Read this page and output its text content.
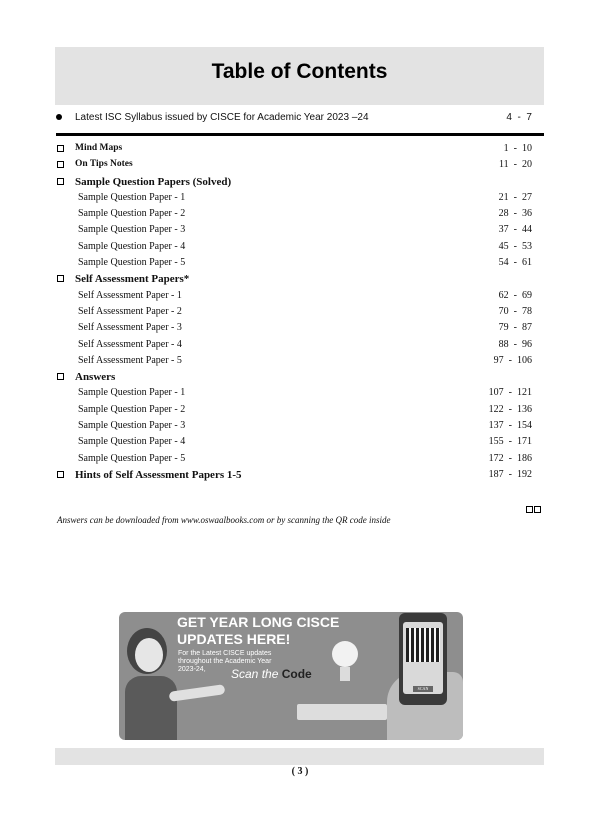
Table of Contents
Latest ISC Syllabus issued by CISCE for Academic Year 2023 –24	4  -  7
Mind Maps	1  -  10
On Tips Notes	11  -  20
Sample Question Papers (Solved)
Sample Question Paper - 1	21  -  27
Sample Question Paper - 2	28  -  36
Sample Question Paper - 3	37  -  44
Sample Question Paper - 4	45  -  53
Sample Question Paper - 5	54  -  61
Self Assessment Papers*
Self Assessment Paper - 1	62  -  69
Self Assessment Paper - 2	70  -  78
Self Assessment Paper - 3	79  -  87
Self Assessment Paper - 4	88  -  96
Self Assessment Paper - 5	97  -  106
Answers
Sample Question Paper - 1	107  -  121
Sample Question Paper - 2	122  -  136
Sample Question Paper - 3	137  -  154
Sample Question Paper - 4	155  -  171
Sample Question Paper - 5	172  -  186
Hints of Self Assessment Papers 1-5	187  -  192
Answers can be downloaded from www.oswaalbooks.com or by scanning the QR code inside
GET YEAR LONG CISCE
UPDATES HERE!
For the Latest CISCE updates
throughout the Academic Year
2023-24,	Scan the Code
SCAN
( 3 )
